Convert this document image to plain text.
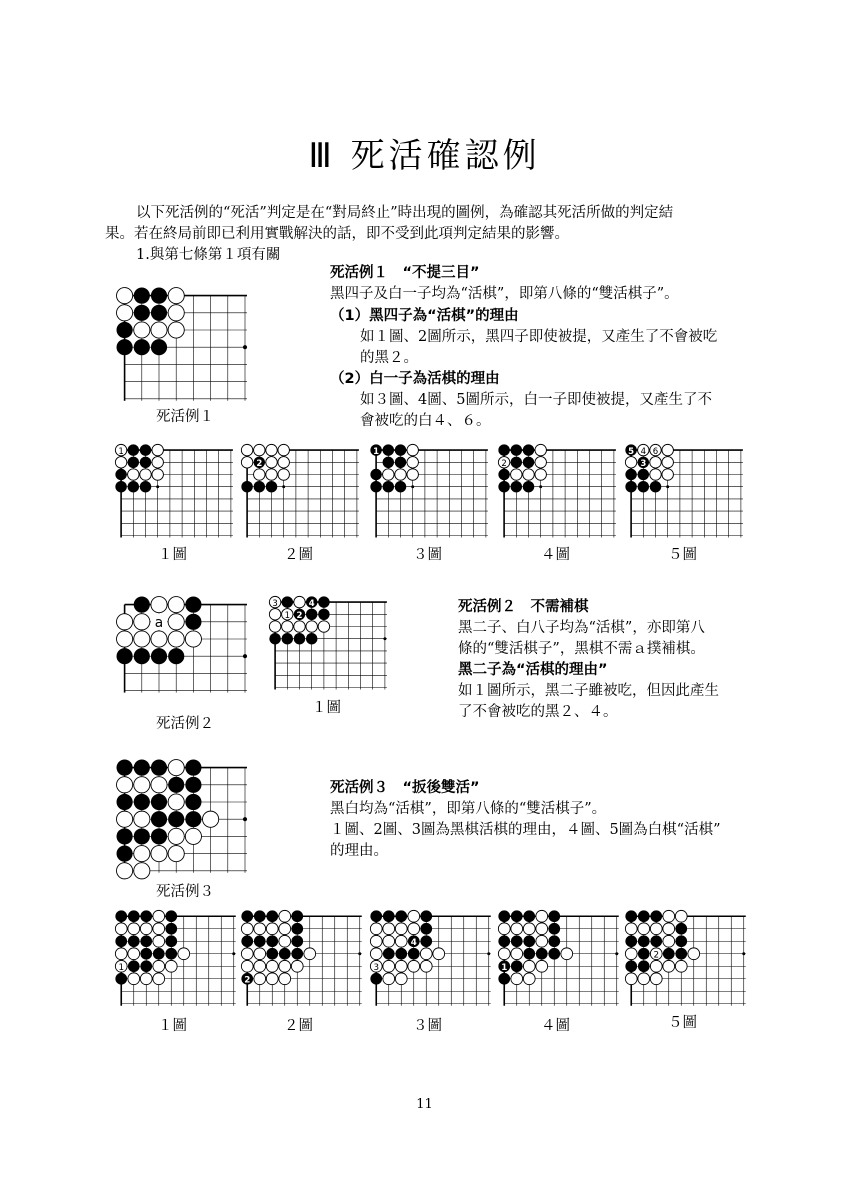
Ⅲ 死活確認例
以下死活例的“死活”判定是在“對局終止”時出現的圖例，為確認其死活所做的判定結
果。若在終局前即已利用實戰解決的話，即不受到此項判定結果的影響。
1.與第七條第１項有關
死活例１
死活例１　“不提三目”
黑四子及白一子均為“活棋”，即第八條的“雙活棋子”。
（1）黑四子為“活棋”的理由
如１圖、2圖所示，黑四子即使被提，又產生了不會被吃
的黑２。
（2）白一子為活棋的理由
如３圖、4圖、5圖所示，白一子即使被提，又產生了不
會被吃的白４、６。
1
2
1
2
5 4 6
3
１圖	２圖	３圖	４圖	５圖
a
死活例２
3	4
1 2
１圖
死活例２　不需補棋
黑二子、白八子均為“活棋”，亦即第八
條的“雙活棋子”，黑棋不需ａ撲補棋。
黑二子為“活棋的理由”
如１圖所示，黑二子雖被吃，但因此產生
了不會被吃的黑２、４。
死活例３
死活例３　“扳後雙活”
黑白均為“活棋”，即第八條的“雙活棋子”。
１圖、2圖、3圖為黑棋活棋的理由，４圖、5圖為白棋“活棋”
的理由。
1
2
4
3	1
2
１圖	２圖	３圖	４圖	５圖
11
